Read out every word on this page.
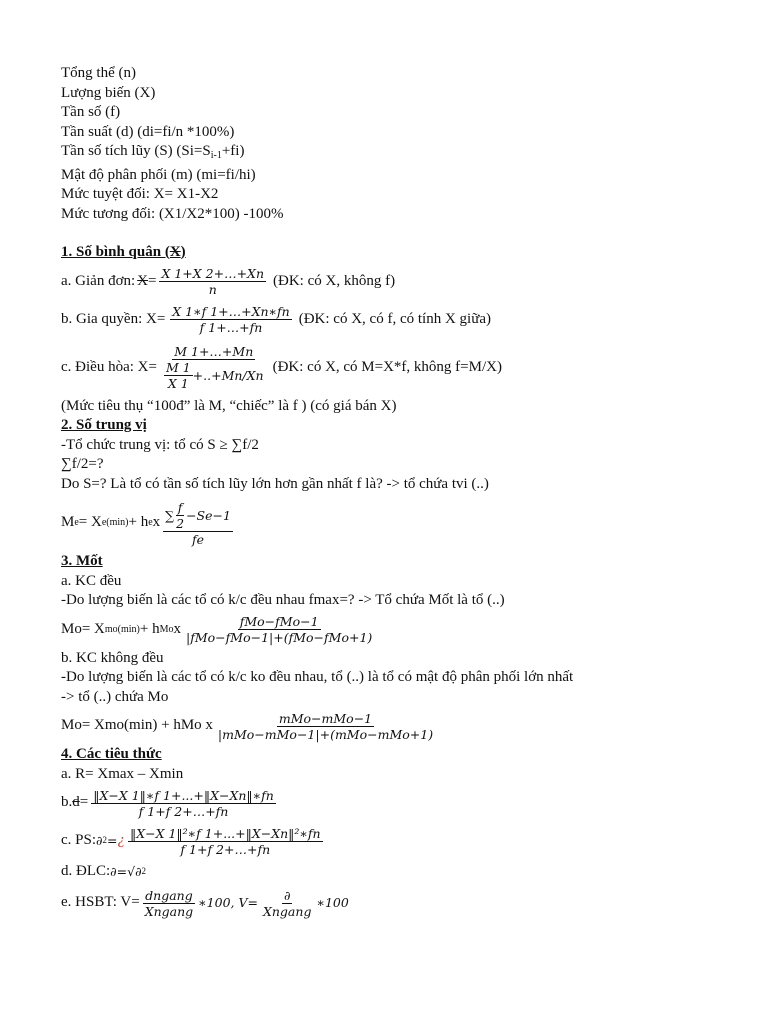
Tổng thể (n)
Lượng biến (X)
Tần số (f)
Tần suất (d) (di=fi/n *100%)
Tần số tích lũy (S) $(Si=S_{i-1}+fi)$
Mật độ phân phối (m) (mi=fi/hi)
Mức tuyệt đối: X= X1-X2
Mức tương đối: (X1/X2*100) -100%
1. Số bình quân (X)
a. Giản đơn: $X = \frac{X 1+X 2+\dots+Xn}{n}$ (ĐK: có X, không f)
b. Gia quyền: $X= \frac{X 1∗f 1+\dots+Xn∗fn}{f 1+\dots+fn}$ (ĐK: có X, có f, có tính X giữa)
c. Điều hòa: $X= \frac{M 1+\dots+Mn}{\frac{M 1}{X 1} +..+Mn/Xn}$ (ĐK: có X, có M=X*f, không f=M/X)
(Mức tiêu thụ “100đ” là M, “chiếc” là f ) (có giá bán X)
2. Số trung vị
-Tổ chức trung vị: tổ có S ≥ ∑f/2
∑f/2=?
Do S=? Là tổ có tần số tích lũy lớn hơn gần nhất f là? -> tổ chứa tvi (..)
M e = X e(min) + h e x $\frac{\sum \frac{f}{2} -Se-1}{fe}$
3. Mốt
a. KC đều
-Do lượng biến là các tổ có k/c đều nhau fmax=? -> Tổ chứa Mốt là tổ (..)
Mo= X mo(min) + h Mo x $\frac{\text{fMo−fMo−1}}{\text{|fMo−fMo−1|+(fMo−fMo+1)}}$
b. KC không đều
-Do lượng biến là các tổ có k/c ko đều nhau, tổ (..) là tổ có mật độ phân phối lớn nhất
-> tổ (..) chứa Mo
Mo= Xmo(min) + hMo x $\frac{\text{mMo−mMo−1}}{\text{|mMo−mMo−1|+(mMo−mMo+1)}}$
4. Các tiêu thức
a. R= Xmax – Xmin
b. $d = \frac{‖X-X 1‖∗f 1+...+‖X-Xn‖∗fn}{f 1+f 2+\dots+fn}$
c. PS: ∂ 2 = ¿ $\frac{\text{‖X−X 1‖²∗f 1+...+‖X−Xn‖²∗fn}}{f 1+f 2+\dots+fn}$
d. ĐLC: ∂=√∂ 2
e. HSBT: $V= \frac{\text{dngang}}{\text{Xngang}}$ ∗100, $V= \frac{\partial}{\text{Xngang}}$ ∗100
